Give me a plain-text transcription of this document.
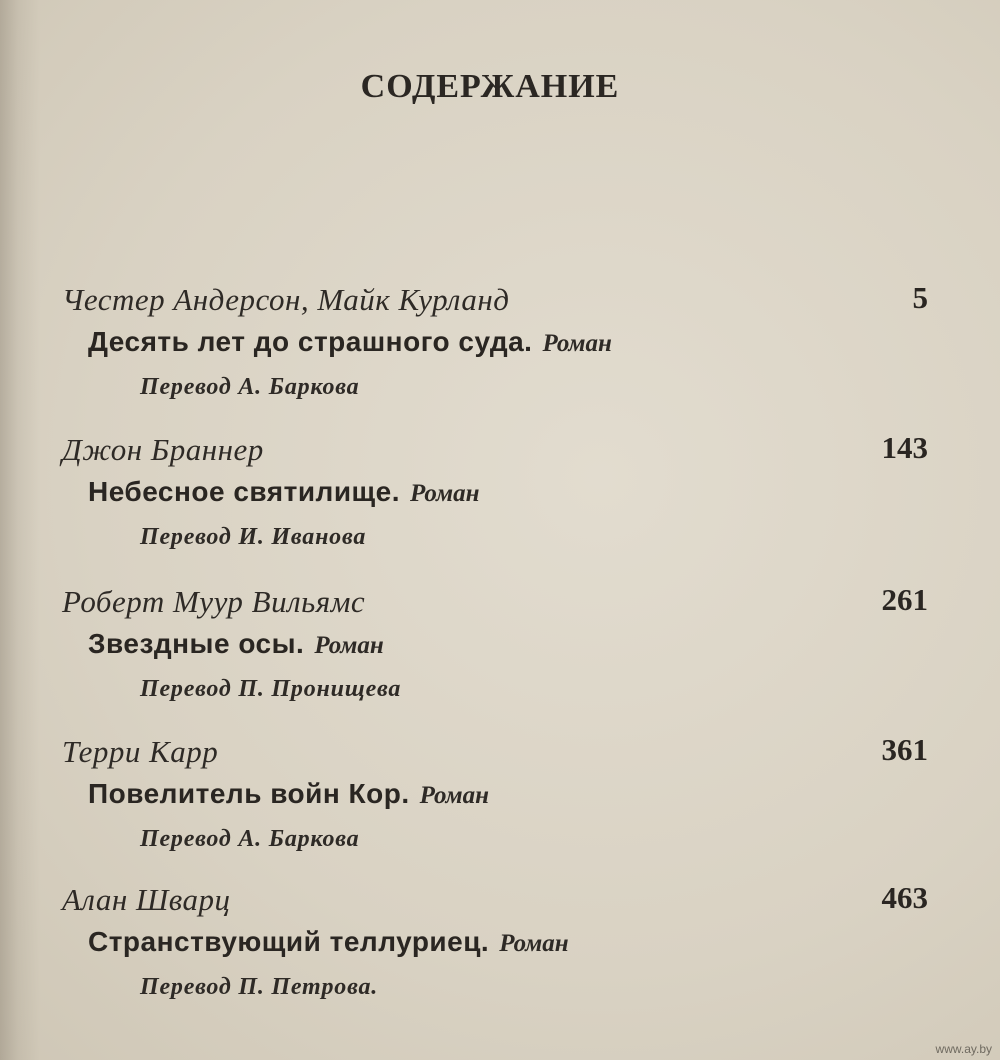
СОДЕРЖАНИЕ
Честер Андерсон, Майк Курланд	5
Десять лет до страшного суда. Роман
Перевод А. Баркова
Джон Браннер	143
Небесное святилище. Роман
Перевод И. Иванова
Роберт Муур Вильямс	261
Звездные осы. Роман
Перевод П. Пронищева
Терри Карр	361
Повелитель войн Кор. Роман
Перевод А. Баркова
Алан Шварц	463
Странствующий теллуриец. Роман
Перевод П. Петрова.
www.ay.by
